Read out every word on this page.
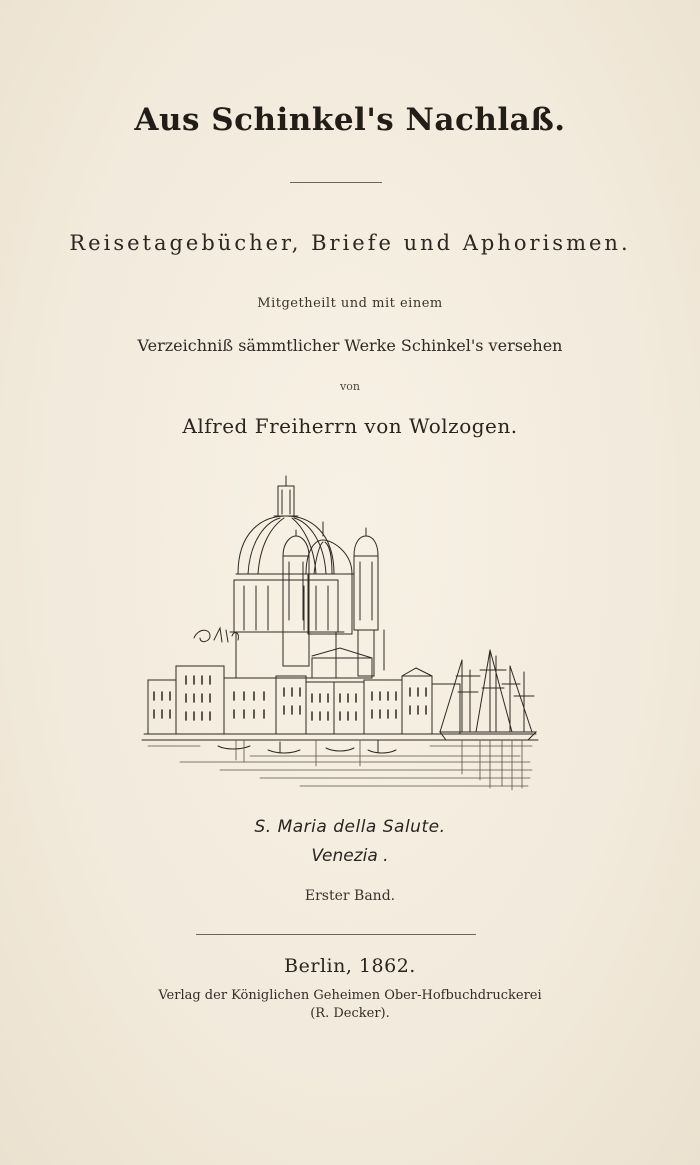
Aus Schinkel's Nachlaß.
Reisetagebücher, Briefe und Aphorismen.
Mitgetheilt und mit einem
Verzeichniß sämmtlicher Werke Schinkel's versehen
von
Alfred Freiherrn von Wolzogen.
S. Maria della Salute.
Venezia .
Erster Band.
Berlin, 1862.
Verlag der Königlichen Geheimen Ober-Hofbuchdruckerei
(R. Decker).
